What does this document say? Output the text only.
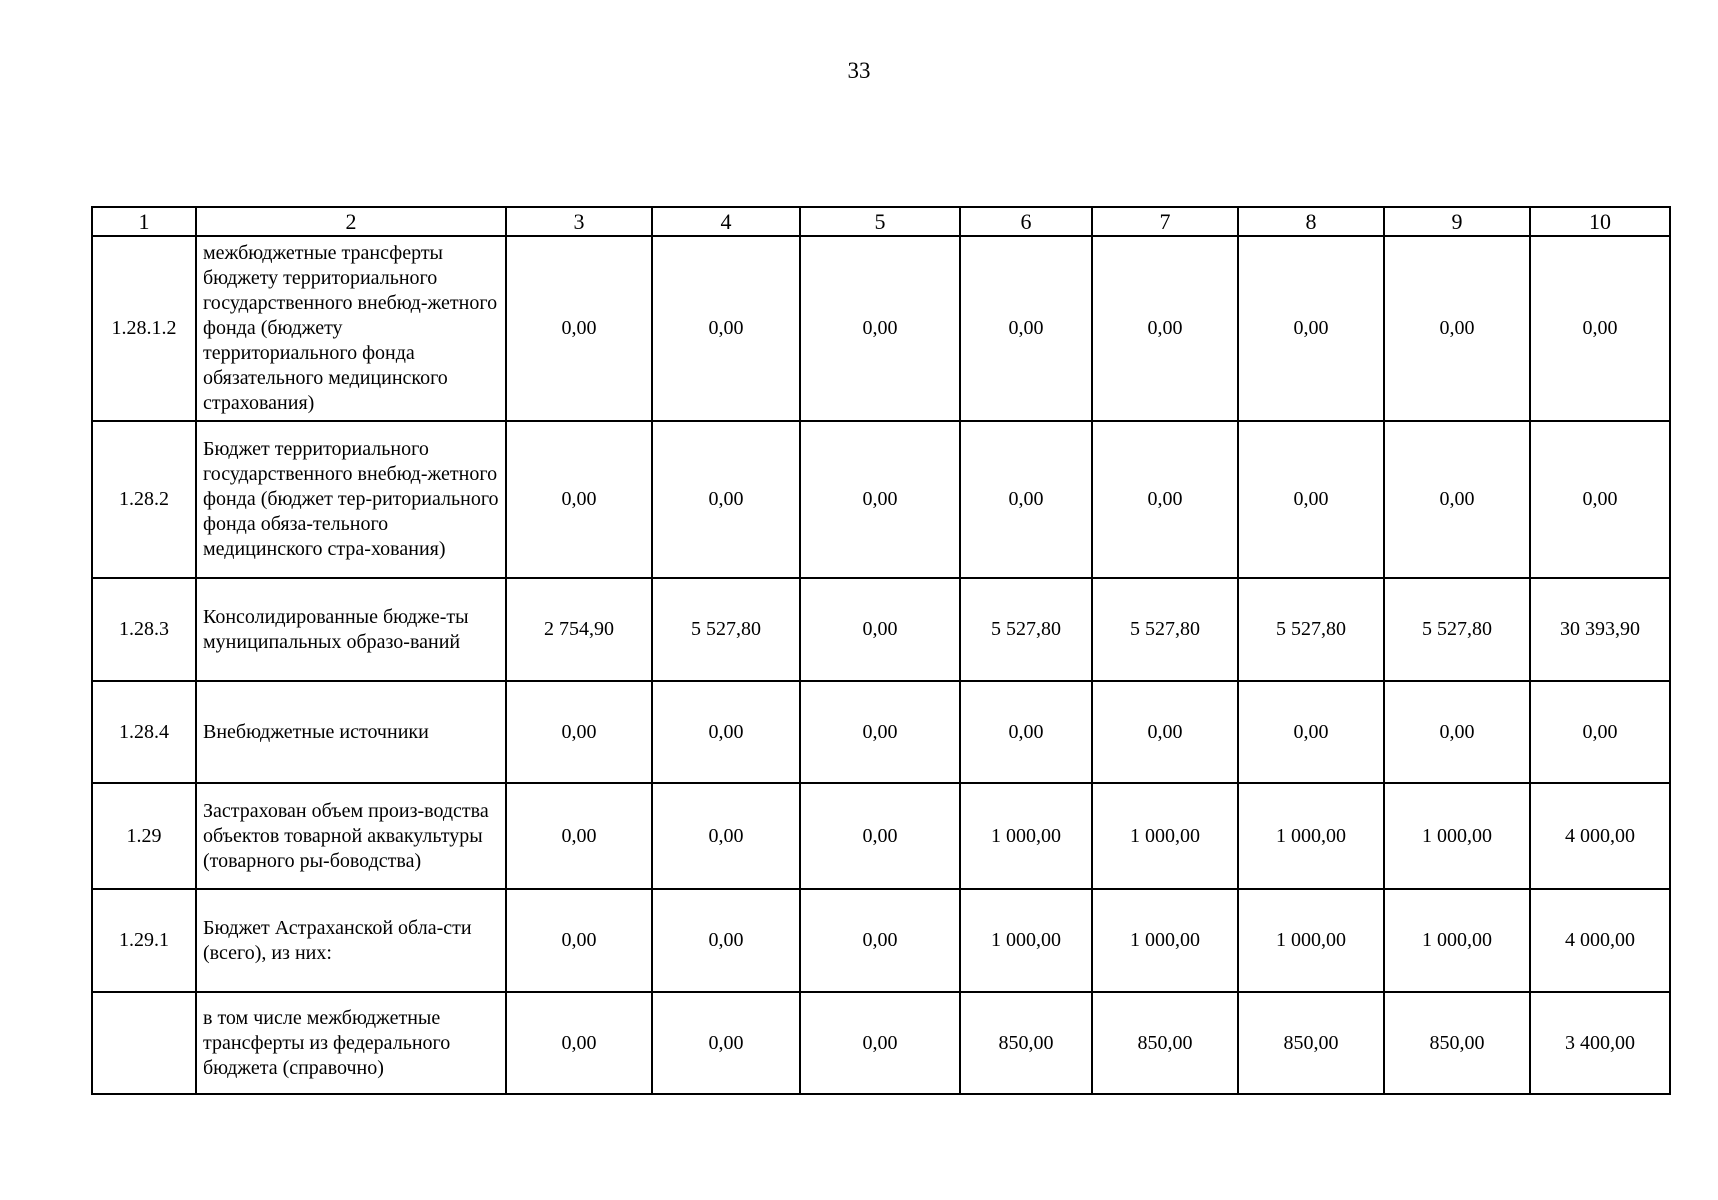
33
1	2	3	4	5	6	7	8	9	10
1.28.1.2	межбюджетные трансферты бюджету территориального государственного внебюд-жетного фонда (бюджету территориального фонда обязательного медицинского страхования)	0,00	0,00	0,00	0,00	0,00	0,00	0,00	0,00
1.28.2	Бюджет территориального государственного внебюд-жетного фонда (бюджет тер-риториального фонда обяза-тельного медицинского стра-хования)	0,00	0,00	0,00	0,00	0,00	0,00	0,00	0,00
1.28.3	Консолидированные бюдже-ты муниципальных образо-ваний	2 754,90	5 527,80	0,00	5 527,80	5 527,80	5 527,80	5 527,80	30 393,90
1.28.4	Внебюджетные источники	0,00	0,00	0,00	0,00	0,00	0,00	0,00	0,00
1.29	Застрахован объем произ-водства объектов товарной аквакультуры (товарного ры-боводства)	0,00	0,00	0,00	1 000,00	1 000,00	1 000,00	1 000,00	4 000,00
1.29.1	Бюджет Астраханской обла-сти (всего), из них:	0,00	0,00	0,00	1 000,00	1 000,00	1 000,00	1 000,00	4 000,00
	в том числе межбюджетные трансферты из федерального бюджета (справочно)	0,00	0,00	0,00	850,00	850,00	850,00	850,00	3 400,00
